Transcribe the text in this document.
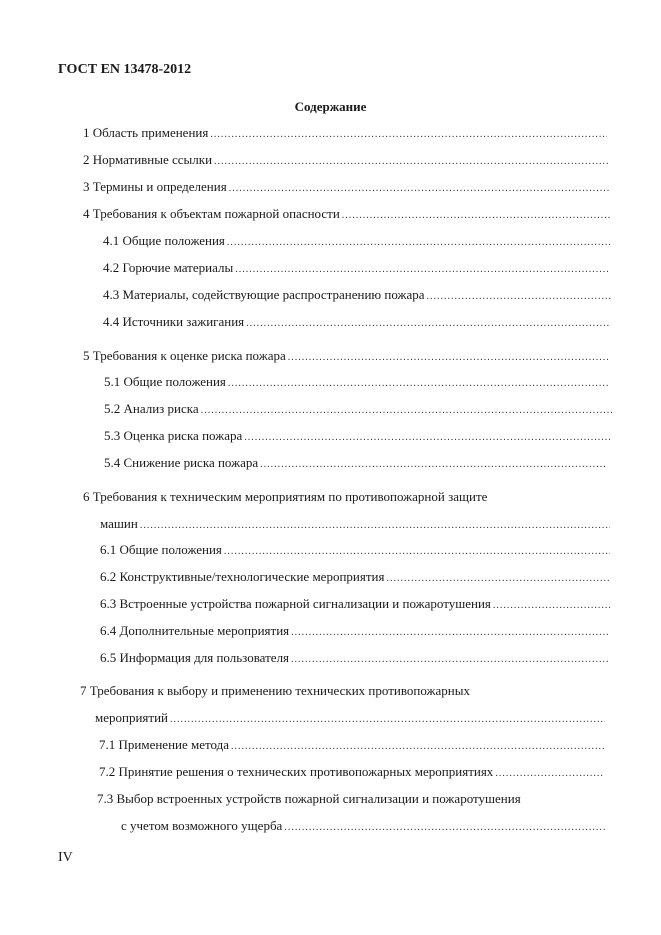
ГОСТ EN 13478-2012
Содержание
1 Область применения
.....
2 Нормативные ссылки
.....
3 Термины и определения
.....
4 Требования к объектам пожарной опасности
.....
4.1 Общие положения
.....
4.2 Горючие материалы
.....
4.3 Материалы, содействующие распространению пожара
.....
4.4 Источники зажигания
.....
5 Требования к оценке риска пожара
.....
5.1 Общие положения
.....
5.2 Анализ риска
.....
5.3 Оценка риска пожара
.....
5.4 Снижение риска пожара
.....
6 Требования к техническим мероприятиям по противопожарной защите
машин
.....
6.1 Общие положения
.....
6.2 Конструктивные/технологические мероприятия
.....
6.3 Встроенные устройства пожарной сигнализации и пожаротушения
.....
6.4 Дополнительные мероприятия
.....
6.5 Информация для пользователя
.....
7 Требования к выбору и применению технических противопожарных
мероприятий
.....
7.1 Применение метода
.....
7.2 Принятие решения о технических противопожарных мероприятиях
.....
7.3 Выбор встроенных устройств пожарной сигнализации и пожаротушения
с учетом возможного ущерба
.....
IV
